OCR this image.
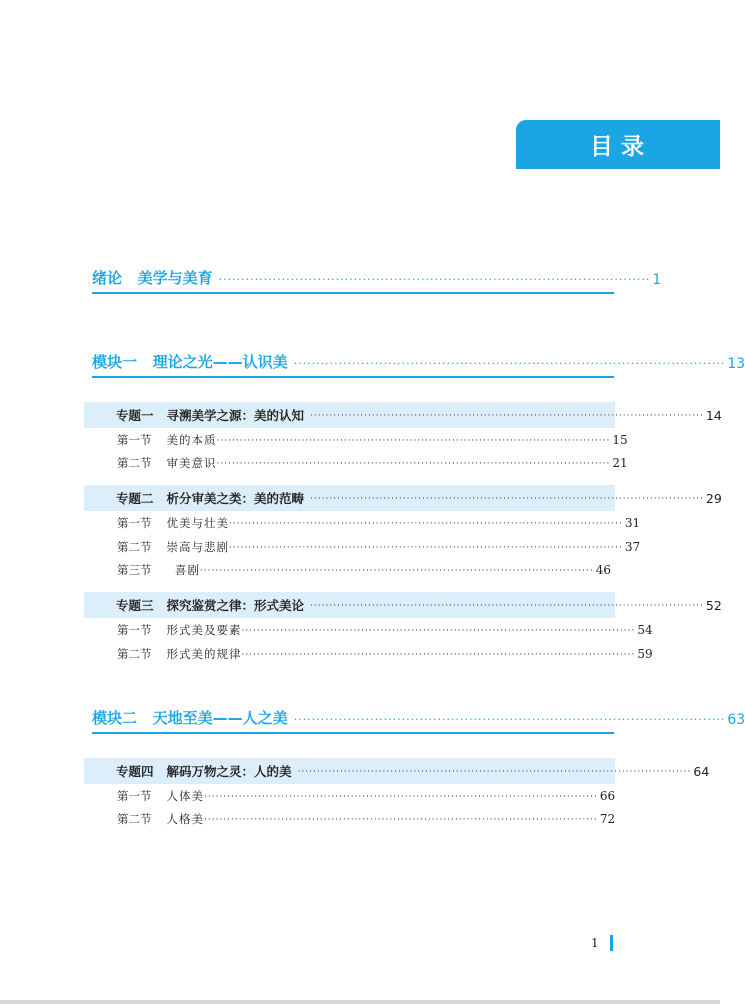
目 录
绪论   美学与美育 ································································································ 1
模块一   理论之光——认识美 ································································································ 13
专题一   寻溯美学之源：美的认知 ······································································································ 14
第一节	美的本质 ······································································································ 15
第二节	审美意识 ······································································································ 21
专题二   析分审美之类：美的范畴 ······································································································ 29
第一节	优美与壮美 ······································································································ 31
第二节	崇高与悲剧 ······································································································ 37
第三节	喜剧 ······································································································ 46
专题三   探究鉴赏之律：形式美论 ······································································································ 52
第一节	形式美及要素 ······································································································ 54
第二节	形式美的规律 ······································································································ 59
模块二   天地至美——人之美 ································································································ 63
专题四   解码万物之灵：人的美 ······································································································ 64
第一节	人体美 ······································································································ 66
第二节	人格美 ······································································································ 72
1
